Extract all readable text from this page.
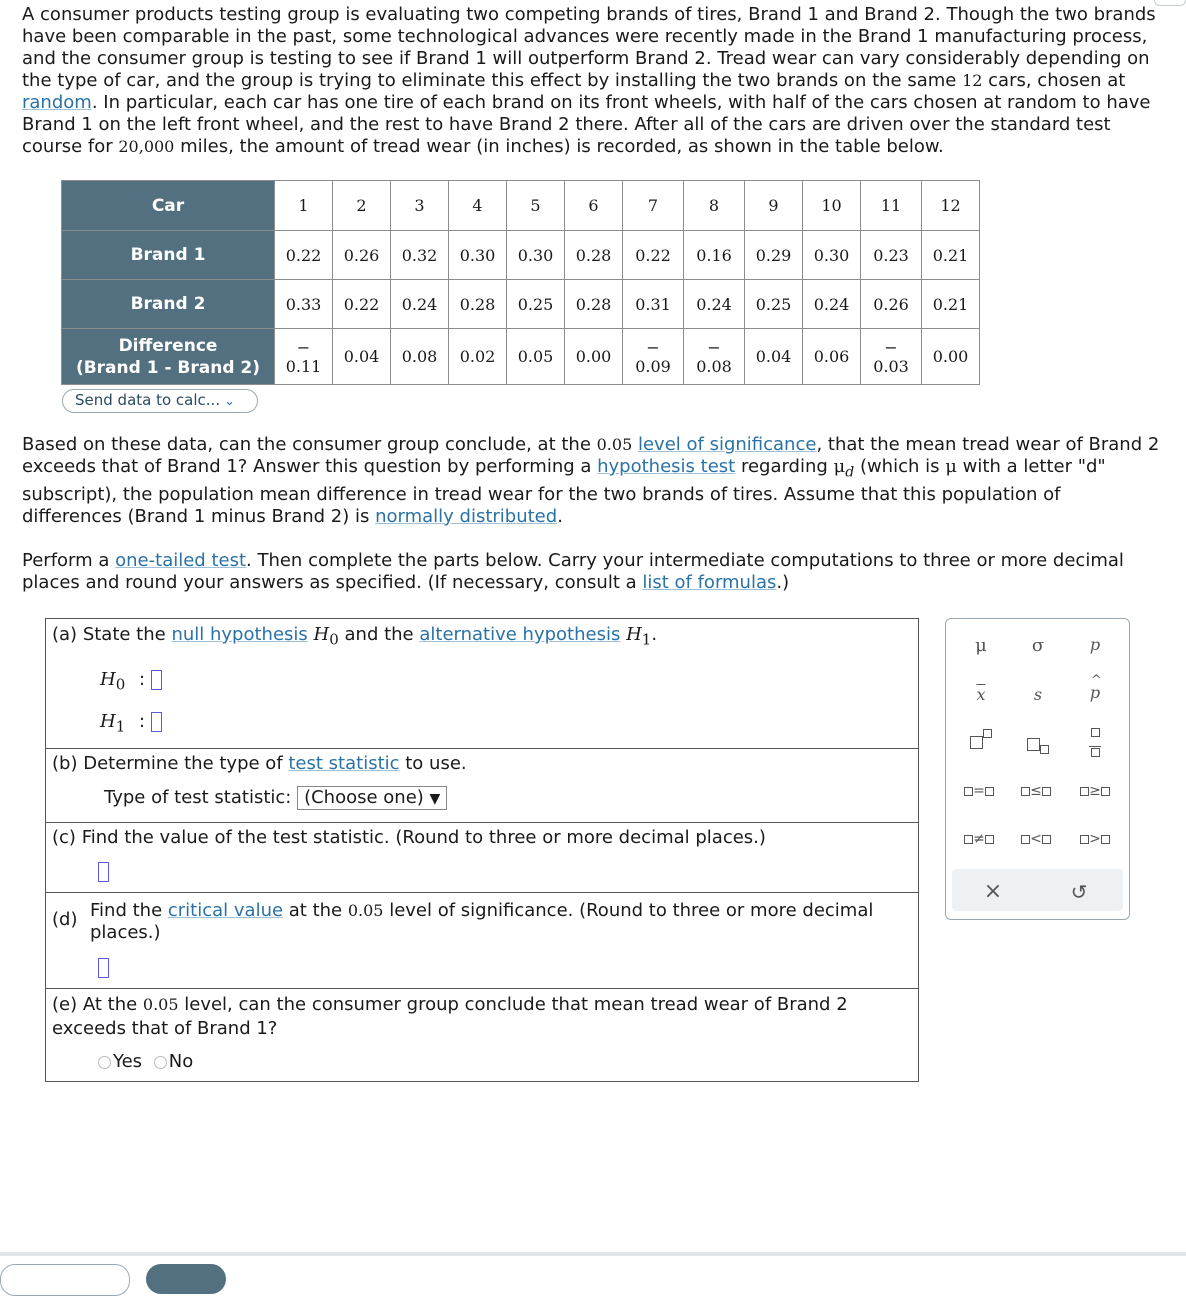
A consumer products testing group is evaluating two competing brands of tires, Brand 1 and Brand 2. Though the two brands have been comparable in the past, some technological advances were recently made in the Brand 1 manufacturing process, and the consumer group is testing to see if Brand 1 will outperform Brand 2. Tread wear can vary considerably depending on the type of car, and the group is trying to eliminate this effect by installing the two brands on the same 12 cars, chosen at random. In particular, each car has one tire of each brand on its front wheels, with half of the cars chosen at random to have Brand 1 on the left front wheel, and the rest to have Brand 2 there. After all of the cars are driven over the standard test course for 20,000 miles, the amount of tread wear (in inches) is recorded, as shown in the table below.
Car	1	2	3	4	5	6	7	8	9	10	11	12
Brand 1	0.22	0.26	0.32	0.30	0.30	0.28	0.22	0.16	0.29	0.30	0.23	0.21
Brand 2	0.33	0.22	0.24	0.28	0.25	0.28	0.31	0.24	0.25	0.24	0.26	0.21

Difference
(Brand 1 - Brand 2)	− 0.11	0.04	0.08	0.02	0.05	0.00	− 0.09	− 0.08	0.04	0.06	− 0.03	0.00
Send data to calc... ⌄
Based on these data, can the consumer group conclude, at the 0.05 level of significance, that the mean tread wear of Brand 2 exceeds that of Brand 1? Answer this question by performing a hypothesis test regarding $\mu_d$ (which is μ with a letter "d" subscript), the population mean difference in tread wear for the two brands of tires. Assume that this population of differences (Brand 1 minus Brand 2) is normally distributed.
Perform a one-tailed test. Then complete the parts below. Carry your intermediate computations to three or more decimal places and round your answers as specified. (If necessary, consult a list of formulas.)
(a) State the null hypothesis $H_0$ and the alternative hypothesis $H_1$.
$H_0$ :
$H_1$ :
(b) Determine the type of test statistic to use.
Type of test statistic: (Choose one) ▼
(c) Find the value of the test statistic. (Round to three or more decimal places.)
(d) Find the critical value at the 0.05 level of significance. (Round to three or more decimal places.)
(e) At the 0.05 level, can the consumer group conclude that mean tread wear of Brand 2 exceeds that of Brand 1?
Yes No
μ	σ	p
$\overline{x}$	s
^
p

=	≤	≥
≠	<	>
×	↺
